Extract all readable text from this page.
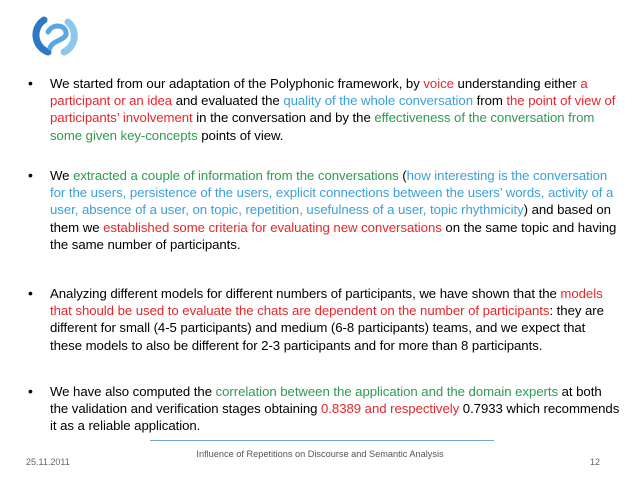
• We started from our adaptation of the Polyphonic framework, by voice understanding either a participant or an idea and evaluated the quality of the whole conversation from the point of view of participants’ involvement in the conversation and by the effectiveness of the conversation from some given key-concepts points of view.
• We extracted a couple of information from the conversations (how interesting is the conversation for the users, persistence of the users, explicit connections between the users’ words, activity of a user, absence of a user, on topic, repetition, usefulness of a user, topic rhythmicity) and based on them we established some criteria for evaluating new conversations on the same topic and having the same number of participants.
• Analyzing different models for different numbers of participants, we have shown that the models that should be used to evaluate the chats are dependent on the number of participants: they are different for small (4-5 participants) and medium (6-8 participants) teams, and we expect that these models to also be different for 2-3 participants and for more than 8 participants.
• We have also computed the correlation between the application and the domain experts at both the validation and verification stages obtaining 0.8389 and respectively 0.7933 which recommends it as a reliable application.
25.11.2011
Influence of Repetitions on Discourse and Semantic Analysis
12
